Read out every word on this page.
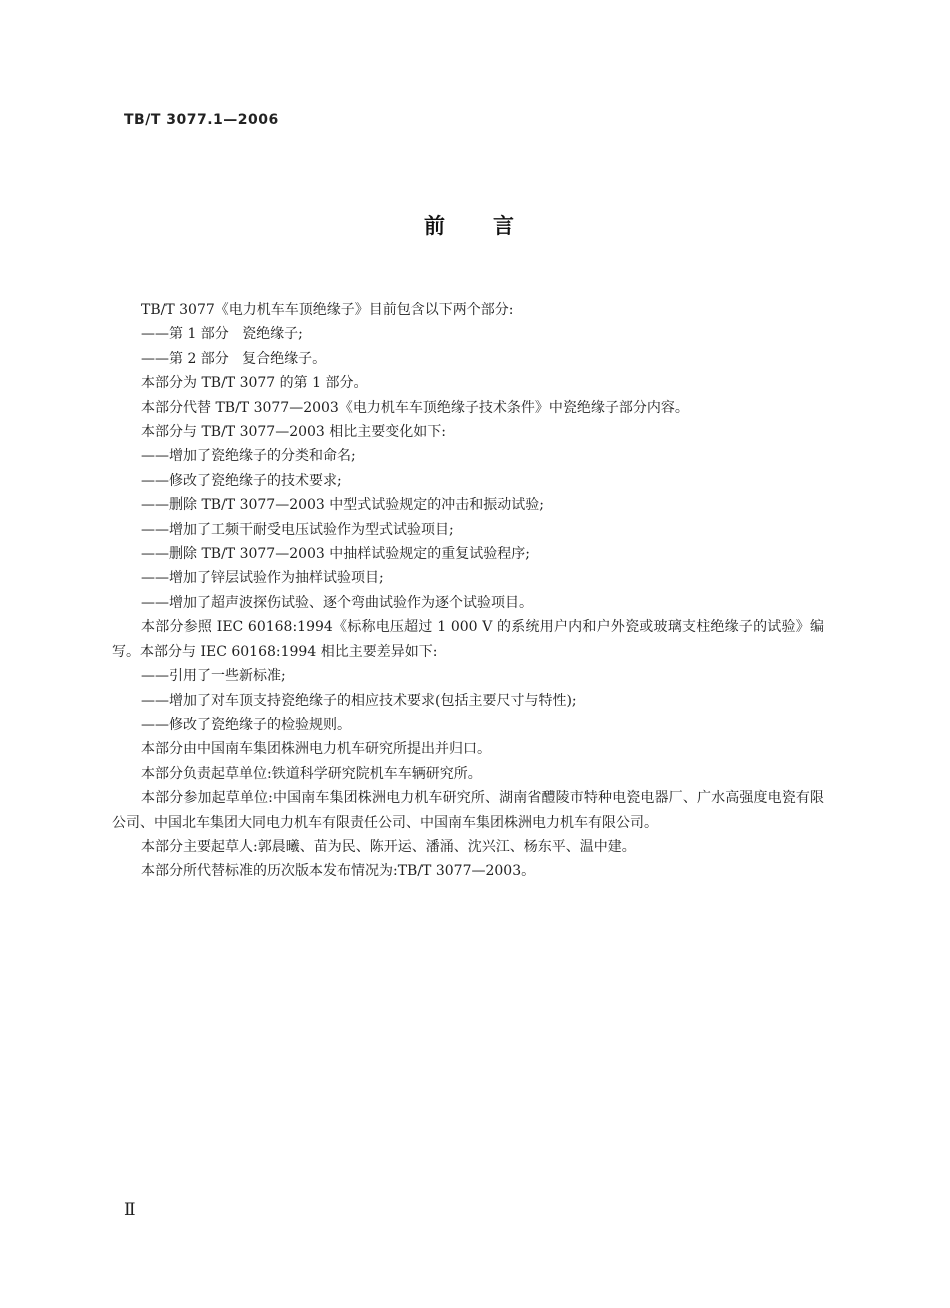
TB/T 3077.1—2006
前言

TB/T 3077《电力机车车顶绝缘子》目前包含以下两个部分:

——第 1 部分   瓷绝缘子;

——第 2 部分   复合绝缘子。

本部分为 TB/T 3077 的第 1 部分。

本部分代替 TB/T 3077—2003《电力机车车顶绝缘子技术条件》中瓷绝缘子部分内容。

本部分与 TB/T 3077—2003 相比主要变化如下:

——增加了瓷绝缘子的分类和命名;

——修改了瓷绝缘子的技术要求;

——删除 TB/T 3077—2003 中型式试验规定的冲击和振动试验;

——增加了工频干耐受电压试验作为型式试验项目;

——删除 TB/T 3077—2003 中抽样试验规定的重复试验程序;

——增加了锌层试验作为抽样试验项目;

——增加了超声波探伤试验、逐个弯曲试验作为逐个试验项目。

本部分参照 IEC 60168:1994《标称电压超过 1 000 V 的系统用户内和户外瓷或玻璃支柱绝缘子的试验》编写。本部分与 IEC 60168:1994 相比主要差异如下:

——引用了一些新标准;

——增加了对车顶支持瓷绝缘子的相应技术要求(包括主要尺寸与特性);

——修改了瓷绝缘子的检验规则。

本部分由中国南车集团株洲电力机车研究所提出并归口。

本部分负责起草单位:铁道科学研究院机车车辆研究所。

本部分参加起草单位:中国南车集团株洲电力机车研究所、湖南省醴陵市特种电瓷电器厂、广水高强度电瓷有限公司、中国北车集团大同电力机车有限责任公司、中国南车集团株洲电力机车有限公司。

本部分主要起草人:郭晨曦、苗为民、陈开运、潘涌、沈兴江、杨东平、温中建。

本部分所代替标准的历次版本发布情况为:TB/T 3077—2003。

Ⅱ
